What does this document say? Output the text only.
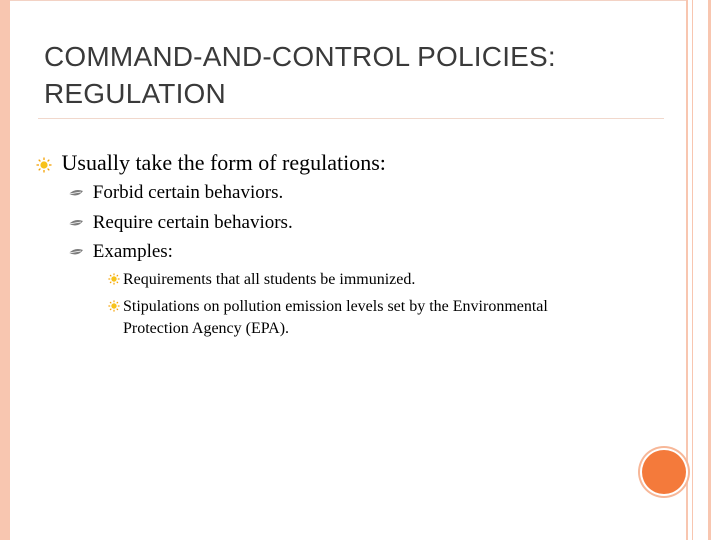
COMMAND-AND-CONTROL POLICIES:
REGULATION
Usually take the form of regulations:
Forbid certain behaviors.
Require certain behaviors.
Examples:
Requirements that all students be immunized.
Stipulations on pollution emission levels set by the Environmental Protection Agency (EPA).
